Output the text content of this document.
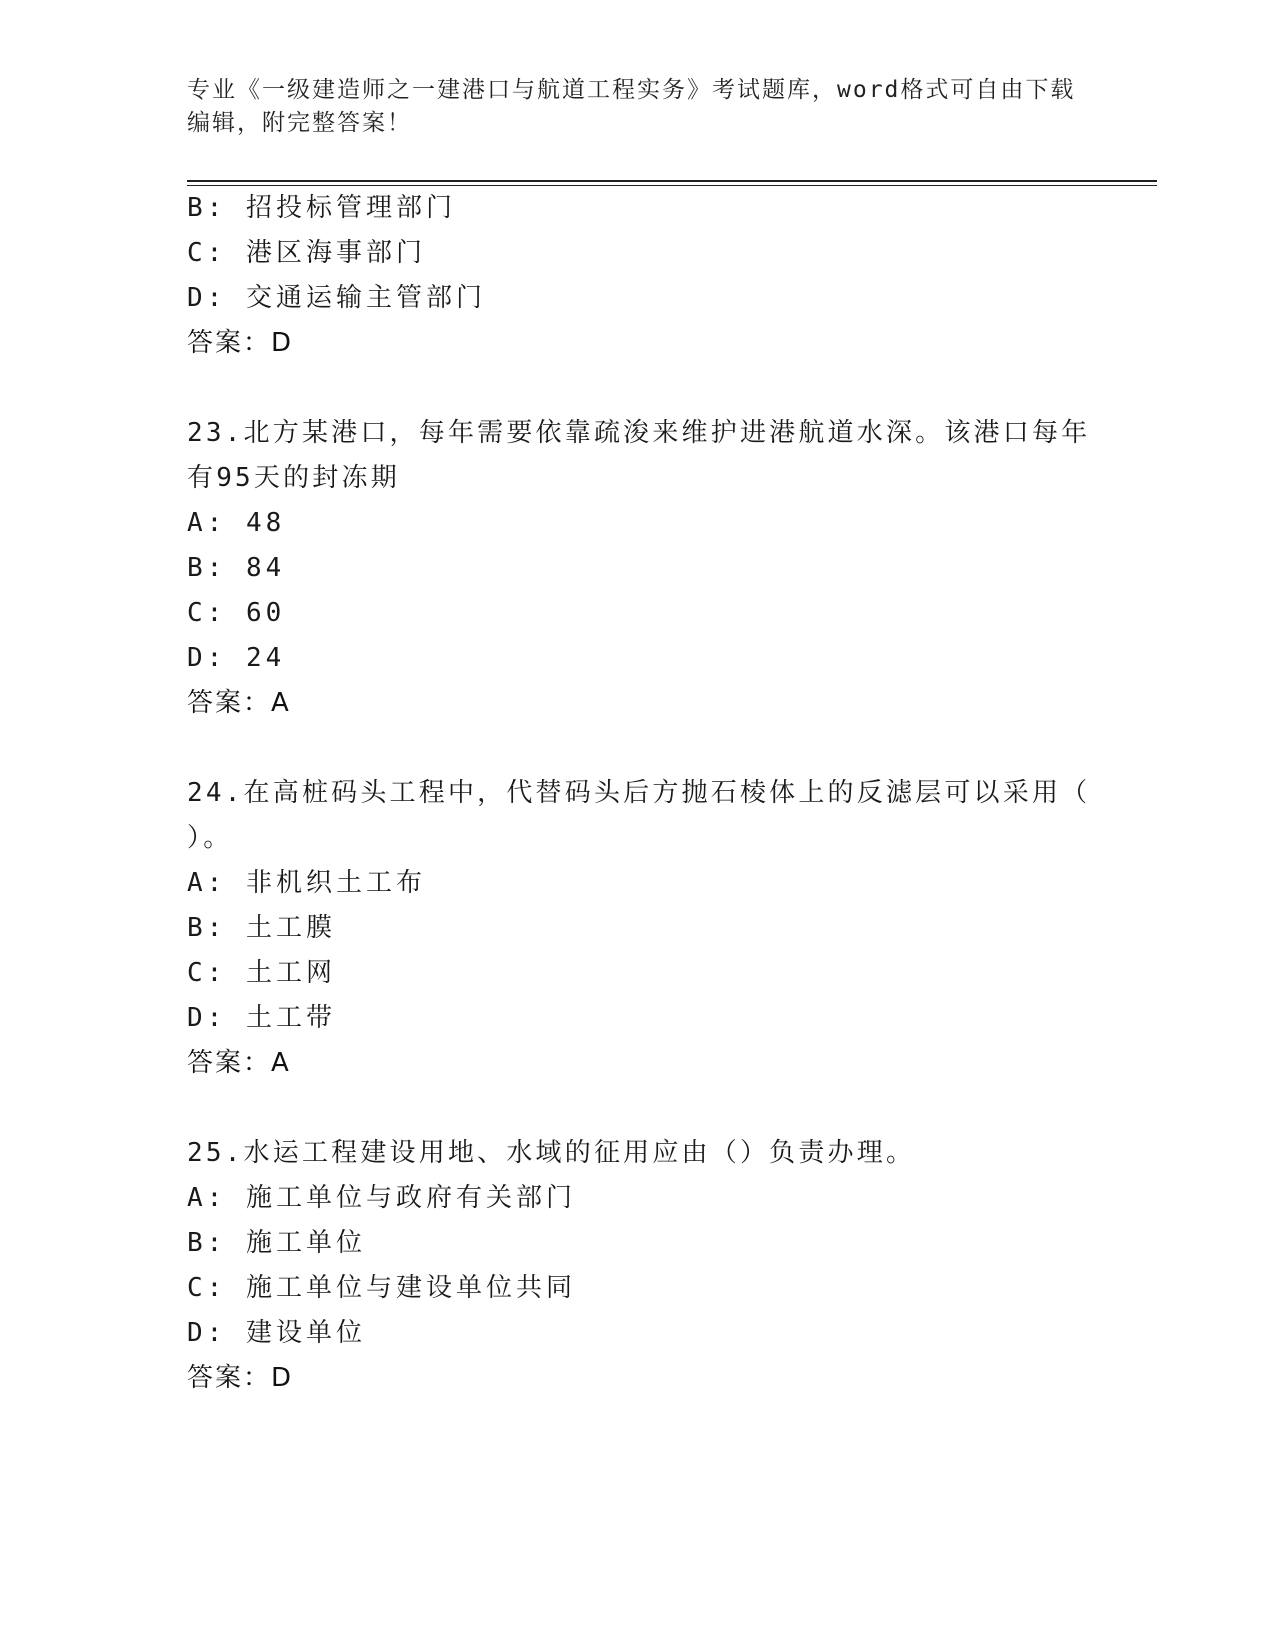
专业《一级建造师之一建港口与航道工程实务》考试题库，word格式可自由下载编辑，附完整答案！
B: 招投标管理部门
C: 港区海事部门
D: 交通运输主管部门
答案：D
23.北方某港口，每年需要依靠疏浚来维护进港航道水深。该港口每年
有95天的封冻期
A: 48
B: 84
C: 60
D: 24
答案：A
24.在高桩码头工程中，代替码头后方抛石棱体上的反滤层可以采用（
）。
A: 非机织土工布
B: 土工膜
C: 土工网
D: 土工带
答案：A
25.水运工程建设用地、水域的征用应由（）负责办理。
A: 施工单位与政府有关部门
B: 施工单位
C: 施工单位与建设单位共同
D: 建设单位
答案：D
